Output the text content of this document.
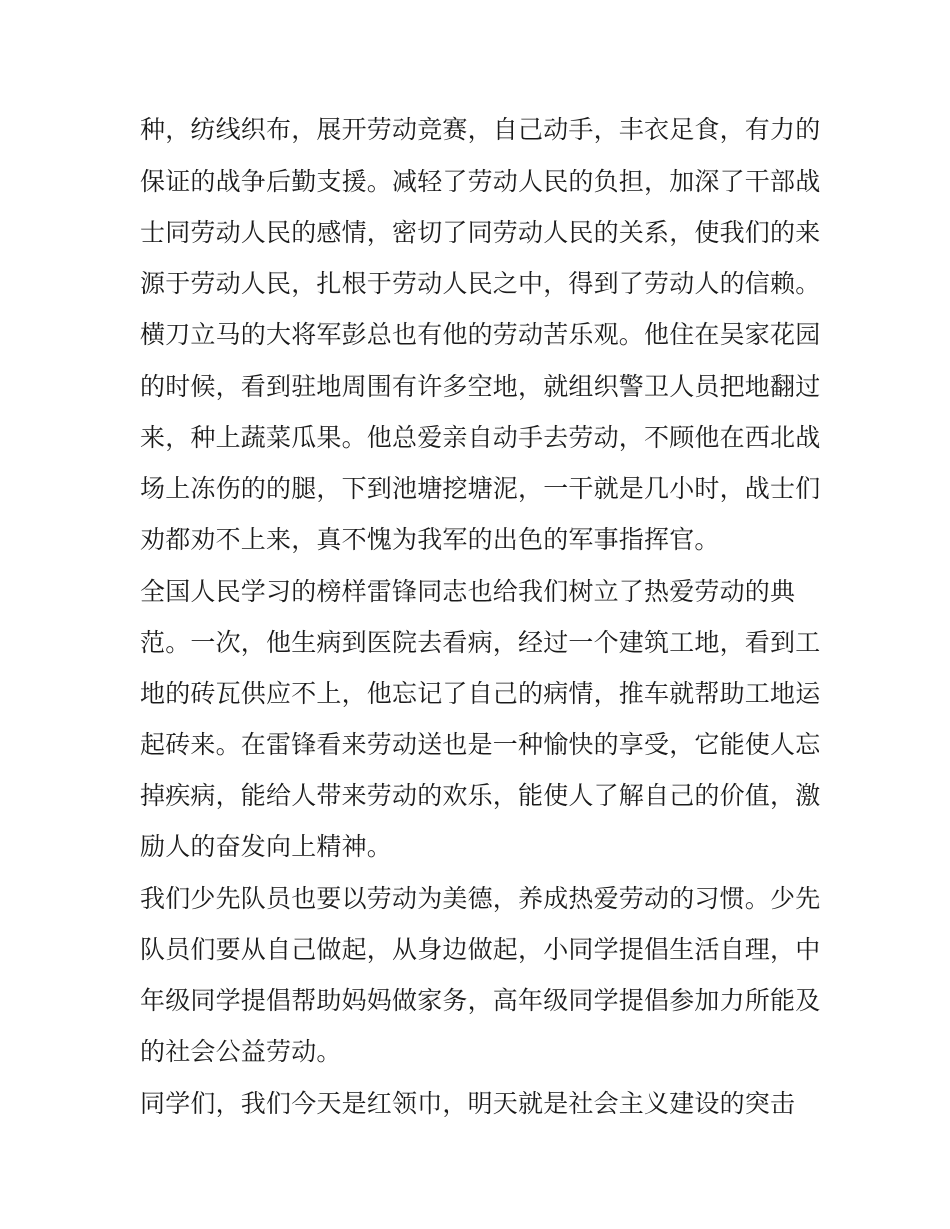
种，纺线织布，展开劳动竞赛，自己动手，丰衣足食，有力的
保证的战争后勤支援。减轻了劳动人民的负担，加深了干部战
士同劳动人民的感情，密切了同劳动人民的关系，使我们的来
源于劳动人民，扎根于劳动人民之中，得到了劳动人的信赖。
横刀立马的大将军彭总也有他的劳动苦乐观。他住在吴家花园
的时候，看到驻地周围有许多空地，就组织警卫人员把地翻过
来，种上蔬菜瓜果。他总爱亲自动手去劳动，不顾他在西北战
场上冻伤的的腿，下到池塘挖塘泥，一干就是几小时，战士们
劝都劝不上来，真不愧为我军的出色的军事指挥官。
全国人民学习的榜样雷锋同志也给我们树立了热爱劳动的典
范。一次，他生病到医院去看病，经过一个建筑工地，看到工
地的砖瓦供应不上，他忘记了自己的病情，推车就帮助工地运
起砖来。在雷锋看来劳动送也是一种愉快的享受，它能使人忘
掉疾病，能给人带来劳动的欢乐，能使人了解自己的价值，激
励人的奋发向上精神。
我们少先队员也要以劳动为美德，养成热爱劳动的习惯。少先
队员们要从自己做起，从身边做起，小同学提倡生活自理，中
年级同学提倡帮助妈妈做家务，高年级同学提倡参加力所能及
的社会公益劳动。
同学们，我们今天是红领巾，明天就是社会主义建设的突击
